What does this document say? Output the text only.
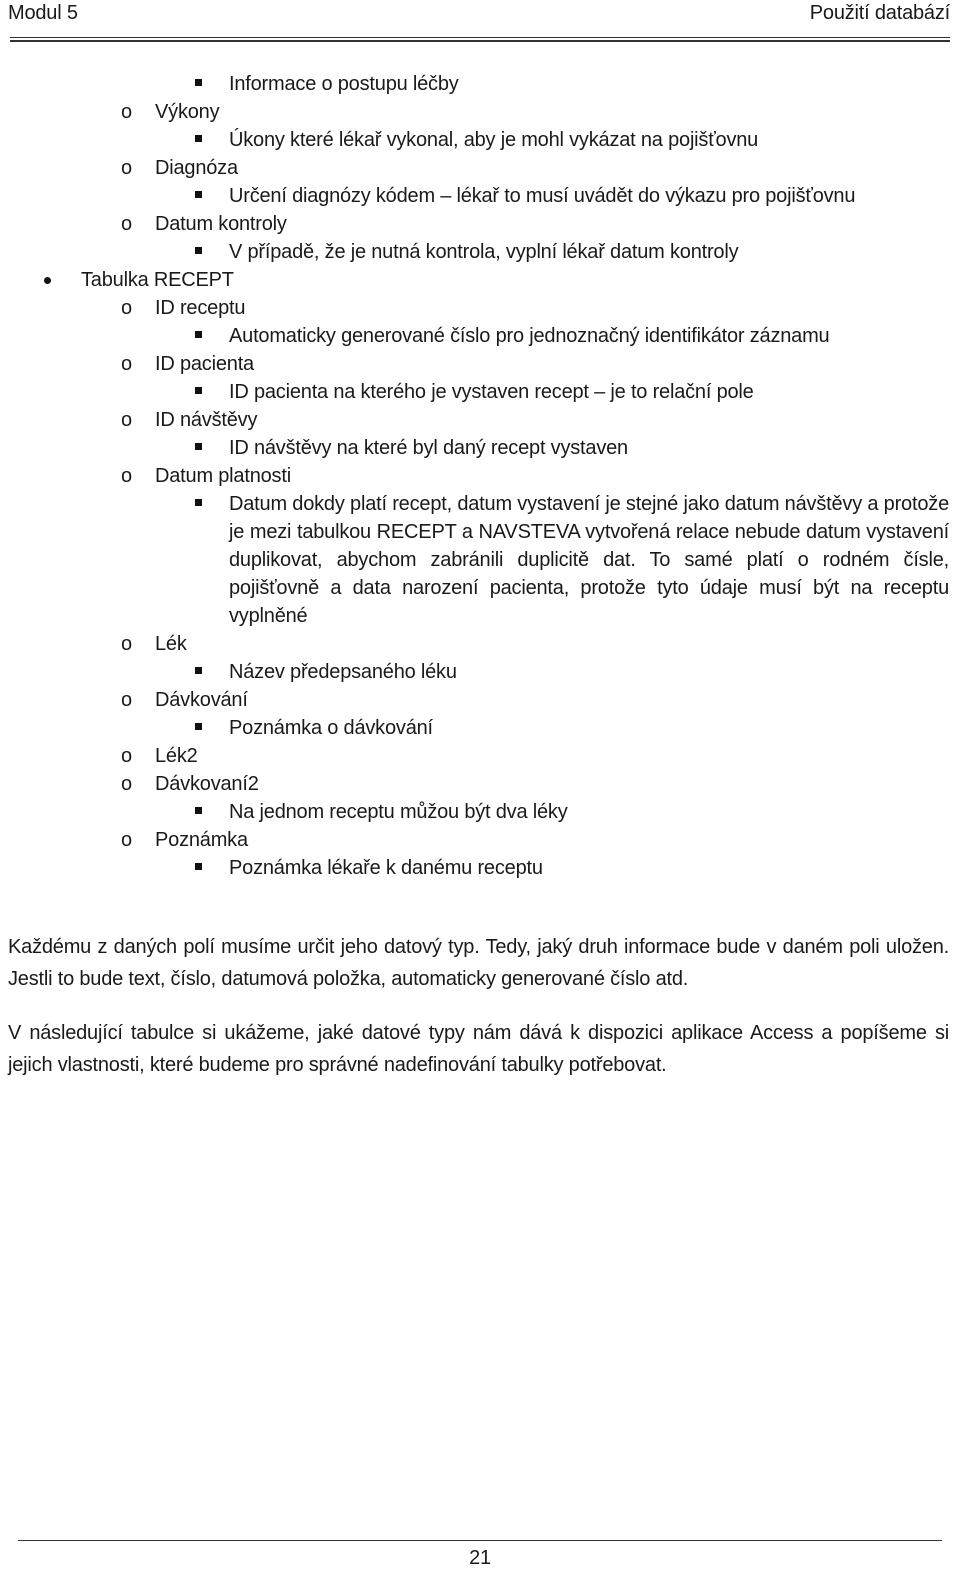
Modul 5	Použití databází
Informace o postupu léčby
o Výkony
Úkony které lékař vykonal, aby je mohl vykázat na pojišťovnu
o Diagnóza
Určení diagnózy kódem – lékař to musí uvádět do výkazu pro pojišťovnu
o Datum kontroly
V případě, že je nutná kontrola, vyplní lékař datum kontroly
Tabulka RECEPT
o ID receptu
Automaticky generované číslo pro jednoznačný identifikátor záznamu
o ID pacienta
ID pacienta na kterého je vystaven recept – je to relační pole
o ID návštěvy
ID návštěvy na které byl daný recept vystaven
o Datum platnosti
Datum dokdy platí recept, datum vystavení je stejné jako datum návštěvy a protože je mezi tabulkou RECEPT a NAVSTEVA vytvořená relace nebude datum vystavení duplikovat, abychom zabránili duplicitě dat. To samé platí o rodném čísle, pojišťovně a data narození pacienta, protože tyto údaje musí být na receptu vyplněné
o Lék
Název předepsaného léku
o Dávkování
Poznámka o dávkování
o Lék2
o Dávkovaní2
Na jednom receptu můžou být dva léky
o Poznámka
Poznámka lékaře k danému receptu

Každému z daných polí musíme určit jeho datový typ. Tedy, jaký druh informace bude v daném poli uložen. Jestli to bude text, číslo, datumová položka, automaticky generované číslo atd.

V následující tabulce si ukážeme, jaké datové typy nám dává k dispozici aplikace Access a popíšeme si jejich vlastnosti, které budeme pro správné nadefinování tabulky potřebovat.

21
